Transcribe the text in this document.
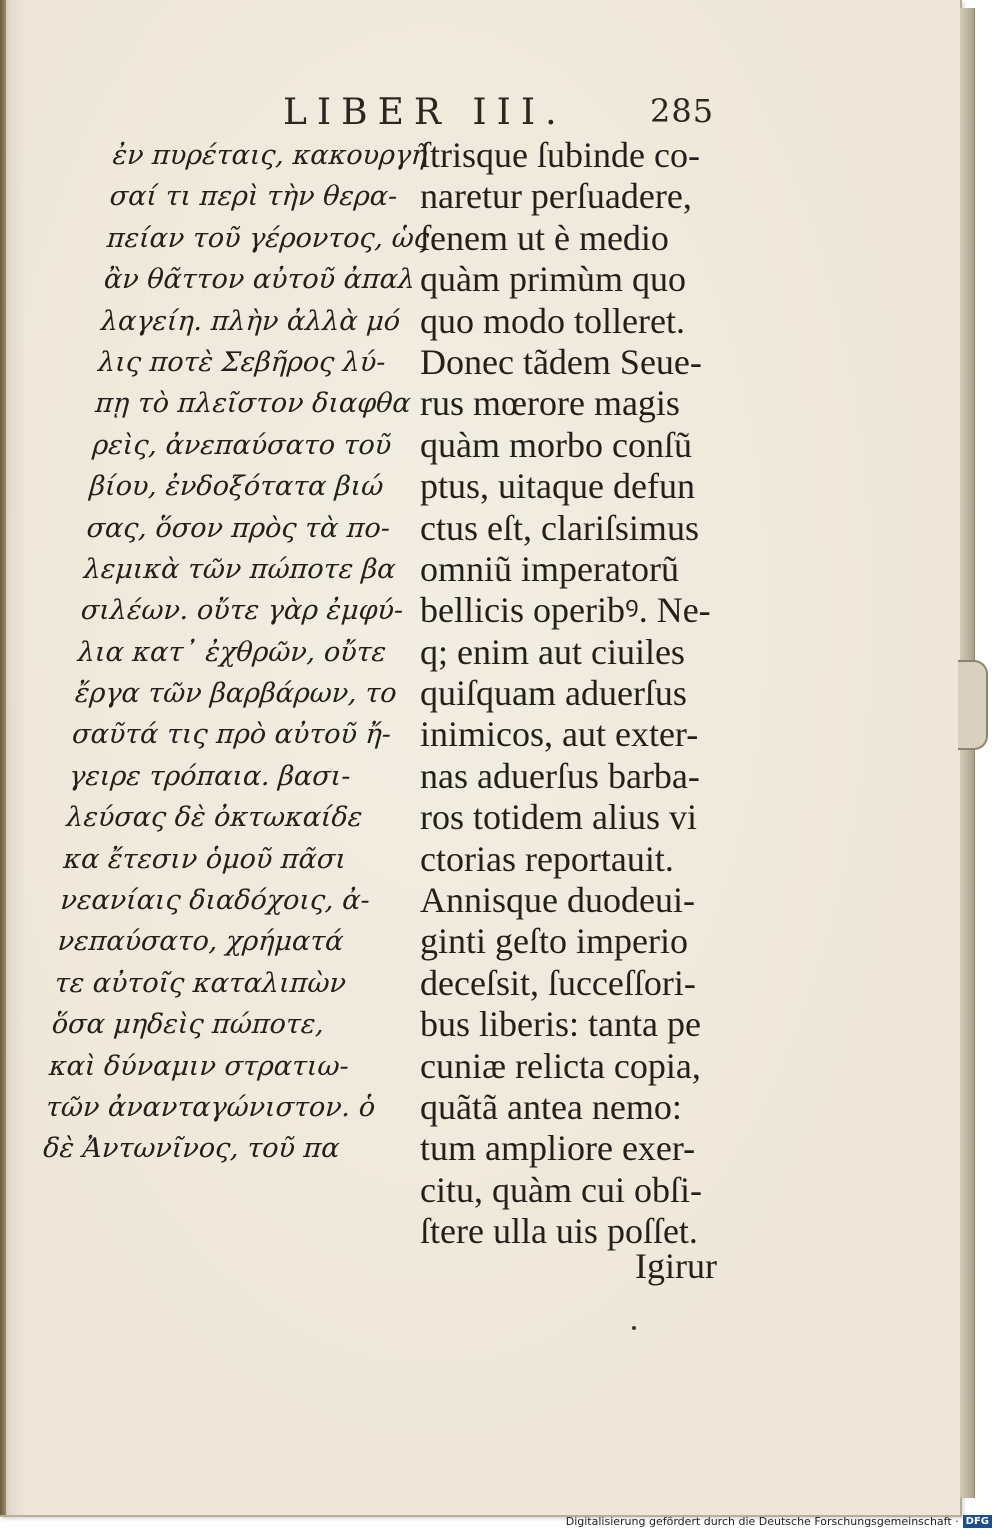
LIBER III.	285
ἐν πυρέταις, κακουργῆ
σαί τι περὶ τὴν θερα-
πείαν τοῦ γέροντος, ὡς
ἂν θᾶττον αὐτοῦ ἀπαλ
λαγείη. πλὴν ἀλλὰ μό
λις ποτὲ Σεβῆρος λύ-
πῃ τὸ πλεῖστον διαφθα
ρεὶς, ἀνεπαύσατο τοῦ
βίου, ἐνδοξότατα βιώ
σας, ὅσον πρὸς τὰ πο-
λεμικὰ τῶν πώποτε βα
σιλέων. οὔτε γὰρ ἐμφύ-
λια κατ᾿ ἐχθρῶν, οὔτε
ἔργα τῶν βαρβάρων, το
σαῦτά τις πρὸ αὐτοῦ ἤ-
γειρε τρόπαια. βασι-
λεύσας δὲ ὀκτωκαίδε
κα ἔτεσιν ὁμοῦ πᾶσι
νεανίαις διαδόχοις, ἀ-
νεπαύσατο, χρήματά
τε αὐτοῖς καταλιπὼν
ὅσα μηδεὶς πώποτε,
καὶ δύναμιν στρατιω-
τῶν ἀνανταγώνιστον. ὁ
δὲ Ἀντωνῖνος, τοῦ πα
ſtrisque ſubinde co-
naretur perſuadere,
ſenem ut è medio
quàm primùm quo
quo modo tolleret.
Donec tãdem Seue-
rus mœrore magis
quàm morbo conſũ
ptus, uitaque defun
ctus eſt, clariſsimus
omniũ imperatorũ
bellicis operibꝰ. Ne-
q; enim aut ciuiles
quiſquam aduerſus
inimicos, aut exter-
nas aduerſus barba-
ros totidem alius vi
ctorias reportauit.
Annisque duodeui-
ginti geſto imperio
deceſsit, ſucceſſori-
bus liberis: tanta pe
cuniæ relicta copia,
quãtã antea nemo:
tum ampliore exer-
citu, quàm cui obſi-
ſtere ulla uis poſſet.
Igirur
Digitalisierung gefördert durch die Deutsche Forschungsgemeinschaft · DFG
